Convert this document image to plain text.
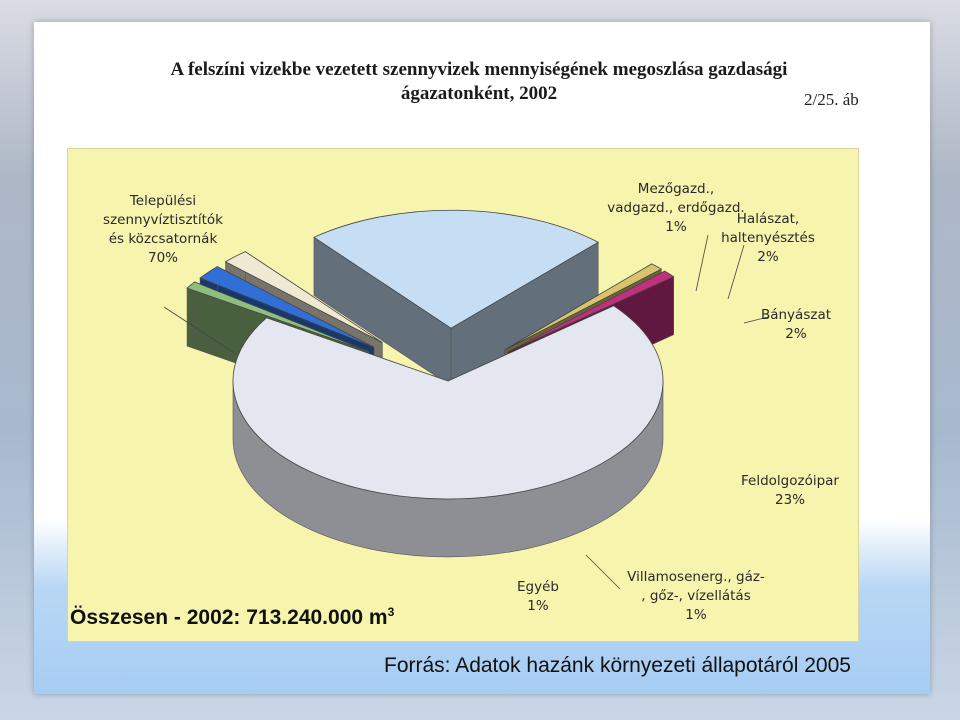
A felszíni vizekbe vezetett szennyvizek mennyiségének megoszlása gazdasági
ágazatonként, 2002	2/25. áb
Települési szennyvíztisztítók és közcsatornák 70%
Mezőgazd., vadgazd., erdőgazd. 1%	Halászat, haltenyésztés 2%
Bányászat 2%
Feldolgozóipar 23%
Villamosenerg., gáz-, gőz-, vízellátás 1%
Egyéb 1%
Összesen - 2002: 713.240.000 $m^3$
Forrás: Adatok hazánk környezeti állapotáról 2005
